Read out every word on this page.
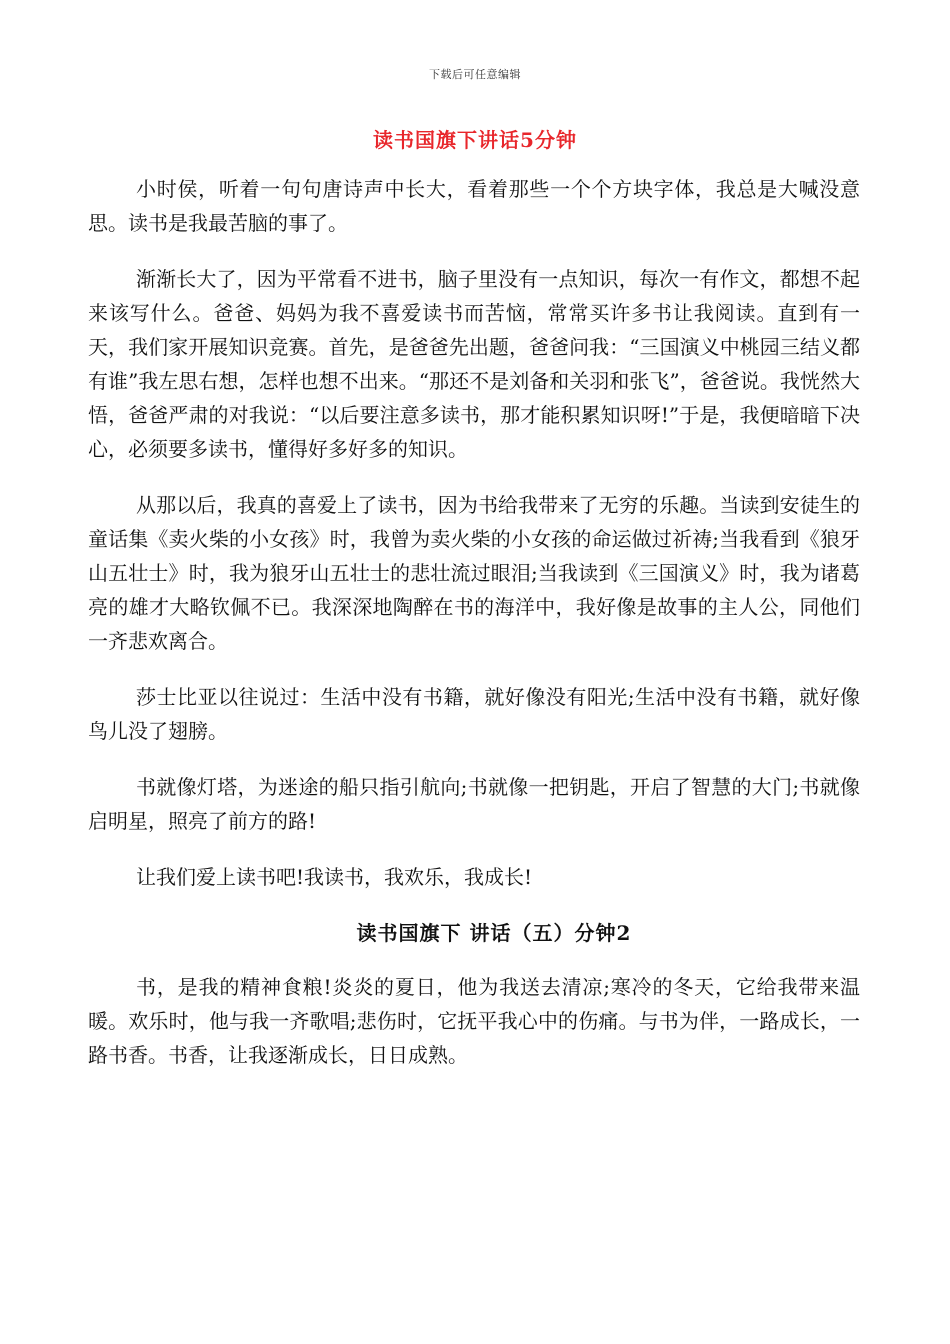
下载后可任意编辑
读书国旗下讲话5分钟

小时侯，听着一句句唐诗声中长大，看着那些一个个方块字体，我总是大喊没意思。读书是我最苦脑的事了。

渐渐长大了，因为平常看不进书，脑子里没有一点知识，每次一有作文，都想不起来该写什么。爸爸、妈妈为我不喜爱读书而苦恼，常常买许多书让我阅读。直到有一天，我们家开展知识竞赛。首先，是爸爸先出题，爸爸问我：“三国演义中桃园三结义都有谁”我左思右想，怎样也想不出来。“那还不是刘备和关羽和张飞”，爸爸说。我恍然大悟，爸爸严肃的对我说：“以后要注意多读书，那才能积累知识呀!”于是，我便暗暗下决心，必须要多读书，懂得好多好多的知识。

从那以后，我真的喜爱上了读书，因为书给我带来了无穷的乐趣。当读到安徒生的童话集《卖火柴的小女孩》时，我曾为卖火柴的小女孩的命运做过祈祷;当我看到《狼牙山五壮士》时，我为狼牙山五壮士的悲壮流过眼泪;当我读到《三国演义》时，我为诸葛亮的雄才大略钦佩不已。我深深地陶醉在书的海洋中，我好像是故事的主人公，同他们一齐悲欢离合。

莎士比亚以往说过：生活中没有书籍，就好像没有阳光;生活中没有书籍，就好像鸟儿没了翅膀。

书就像灯塔，为迷途的船只指引航向;书就像一把钥匙，开启了智慧的大门;书就像启明星，照亮了前方的路!

让我们爱上读书吧!我读书，我欢乐，我成长!

读书国旗下 讲话（五）分钟2

书，是我的精神食粮!炎炎的夏日，他为我送去清凉;寒冷的冬天，它给我带来温暖。欢乐时，他与我一齐歌唱;悲伤时，它抚平我心中的伤痛。与书为伴，一路成长，一路书香。书香，让我逐渐成长，日日成熟。
